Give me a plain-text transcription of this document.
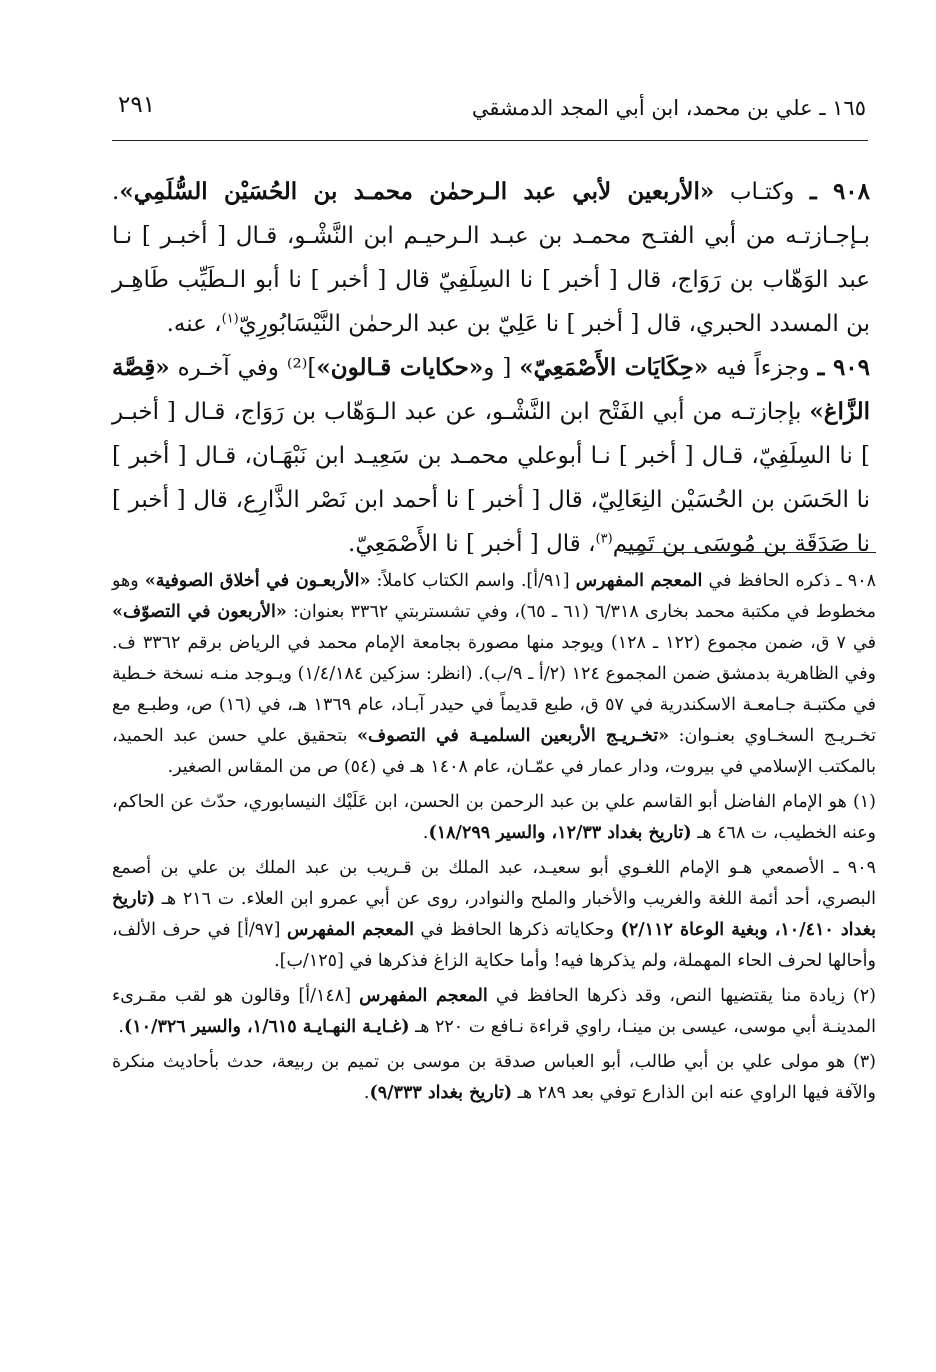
١٦٥ ـ علي بن محمد، ابن أبي المجد الدمشقي
٢٩١

٩٠٨ ـ وكتـاب «الأربعين لأبي عبد الـرحمٰن محمـد بن الحُسَيْن السُّلَمِي». بـإجـازتـه من أبي الفتـح محمـد بن عبـد الـرحيـم ابن النَّشْـو، قـال [ أخبـر ] نـا عبد الوَهّاب بن رَوَاج، قال [ أخبر ] نا السِلَفِيّ قال [ أخبر ] نا أبو الـطَيِّب طَاهِـر بن المسدد الحبري، قال [ أخبر ] نا عَلِيّ بن عبد الرحمٰن النَّيْسَابُورِيّ$^{(١)}$، عنه.

٩٠٩ ـ وجزءاً فيه «حِكَايَات الأَصْمَعِيّ» [ و«حكايات قـالون»]⁽²⁾ وفي آخـره «قِصَّة الزَّاغ» بإجازتـه من أبي الفَتْح ابن النَّشْـو، عن عبد الـوَهّاب بن رَوَاج، قـال [ أخبـر ] نا السِلَفِيّ، قـال [ أخبر ] نـا أبوعلي محمـد بن سَعِيـد ابن نَبْهَـان، قـال [ أخبر ] نا الحَسَن بن الحُسَيْن النِعَالِيّ، قال [ أخبر ] نا أحمد ابن نَصْر الذَّارِع، قال [ أخبر ] نا صَدَقَة بن مُوسَى بن تَمِيم$^{(٣)}$، قال [ أخبر ] نا الأَصْمَعِيّ.

٩٠٨ ـ ذكره الحافظ في المعجم المفهرس [٩١/أ]. واسم الكتاب كاملاً: «الأربعـون في أخلاق الصوفية» وهو مخطوط في مكتبة محمد بخارى ٦/٣١٨ (٦١ ـ ٦٥)، وفي تشستربتي ٣٣٦٢ بعنوان: «الأربعون في التصوّف» في ٧ ق، ضمن مجموع (١٢٢ ـ ١٢٨) ويوجد منها مصورة بجامعة الإمام محمد في الرياض برقم ٣٣٦٢ ف. وفي الظاهرية بدمشق ضمن المجموع ١٢٤ (٢/أ ـ ٩/ب). (انظر: سزكين ١/٤/١٨٤) ويـوجد منـه نسخة خـطية في مكتبـة جـامعـة الاسكندرية في ٥٧ ق، طبع قديماً في حيدر آبـاد، عام ١٣٦٩ هـ، في (١٦) ص، وطبـع مع تخـريـج السخـاوي بعنـوان: «تخـريـج الأربعين السلميـة في التصوف» بتحقيق علي حسن عبد الحميد، بالمكتب الإسلامي في بيروت، ودار عمار في عمّـان، عام ١٤٠٨ هـ في (٥٤) ص من المقاس الصغير.

(١) هو الإمام الفاضل أبو القاسم علي بن عبد الرحمن بن الحسن، ابن عَلَيْك النيسابوري، حدّث عن الحاكم، وعنه الخطيب، ت ٤٦٨ هـ (تاريخ بغداد ١٢/٣٣، والسير ١٨/٢٩٩).

٩٠٩ ـ الأصمعي هـو الإمام اللغـوي أبو سعيـد، عبد الملك بن قـريب بن عبد الملك بن علي بن أصمع البصري، أحد أئمة اللغة والغريب والأخبار والملح والنوادر، روى عن أبي عمرو ابن العلاء. ت ٢١٦ هـ (تاريخ بغداد ١٠/٤١٠، وبغية الوعاة ٢/١١٢) وحكاياته ذكرها الحافظ في المعجم المفهرس [٩٧/أ] في حرف الألف، وأحالها لحرف الحاء المهملة، ولم يذكرها فيه! وأما حكاية الزاغ فذكرها في [١٢٥/ب].

(٢) زيادة منا يقتضيها النص، وقد ذكرها الحافظ في المعجم المفهرس [١٤٨/أ] وقالون هو لقب مقـرىء المدينـة أبي موسى، عيسى بن مينـا، راوي قراءة نـافع ت ٢٢٠ هـ (غـايـة النهـايـة ١/٦١٥، والسير ١٠/٣٢٦).

(٣) هو مولى علي بن أبي طالب، أبو العباس صدقة بن موسى بن تميم بن ربيعة، حدث بأحاديث منكرة والآفة فيها الراوي عنه ابن الذارع توفي بعد ٢٨٩ هـ (تاريخ بغداد ٩/٣٣٣).
